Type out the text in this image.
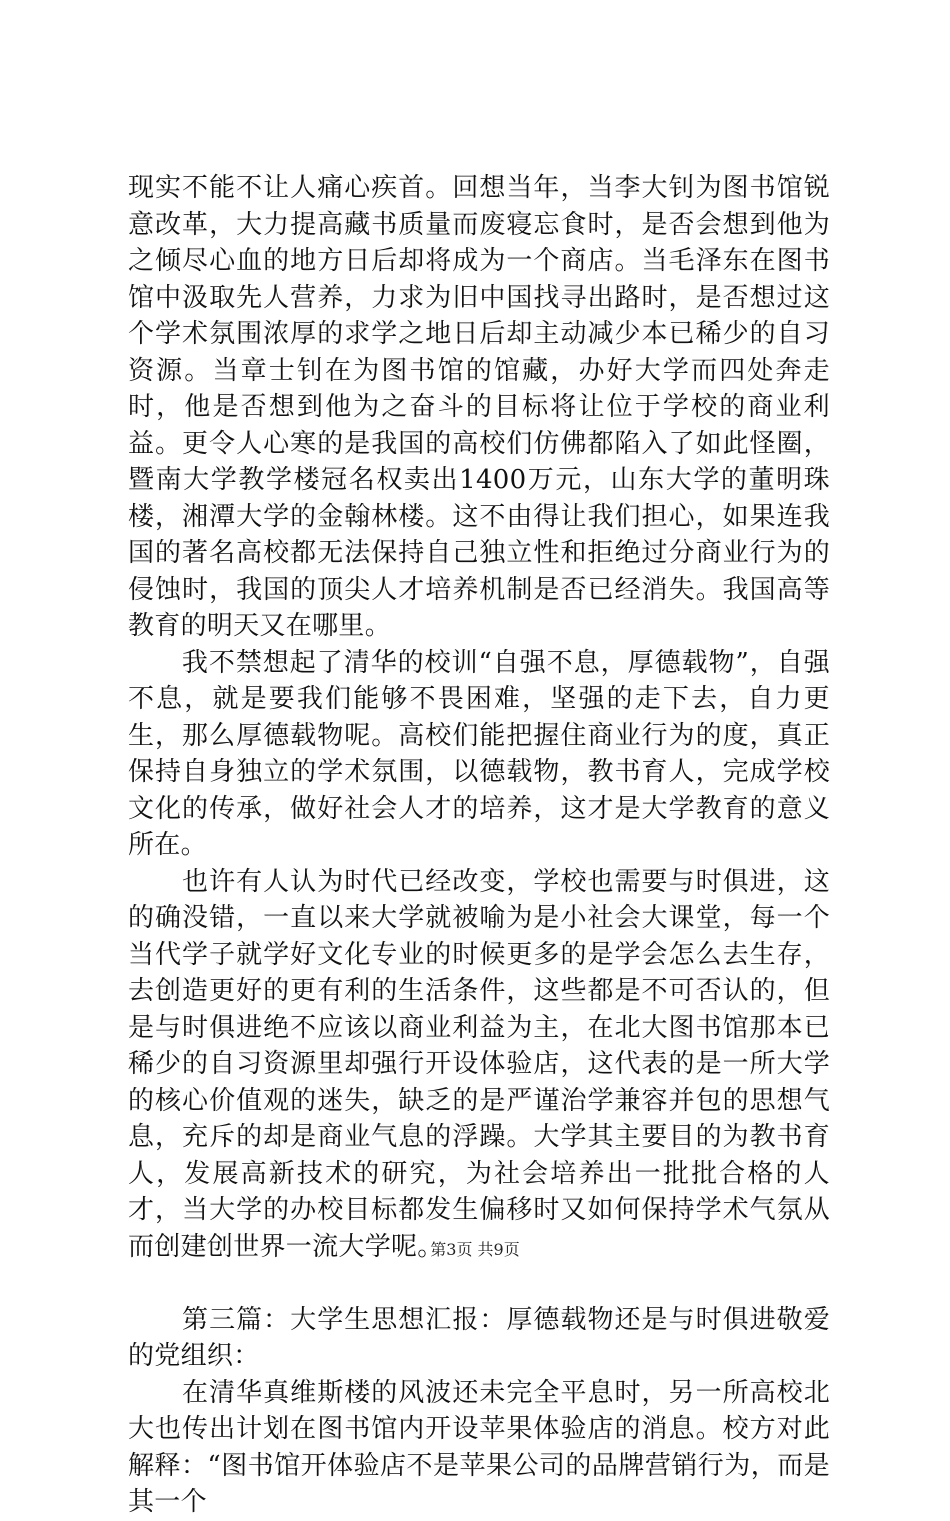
现实不能不让人痛心疾首。回想当年，当李大钊为图书馆锐意改革，大力提高藏书质量而废寝忘食时，是否会想到他为之倾尽心血的地方日后却将成为一个商店。当毛泽东在图书馆中汲取先人营养，力求为旧中国找寻出路时，是否想过这个学术氛围浓厚的求学之地日后却主动减少本已稀少的自习资源。当章士钊在为图书馆的馆藏，办好大学而四处奔走时，他是否想到他为之奋斗的目标将让位于学校的商业利益。更令人心寒的是我国的高校们仿佛都陷入了如此怪圈，暨南大学教学楼冠名权卖出1400万元，山东大学的董明珠楼，湘潭大学的金翰林楼。这不由得让我们担心，如果连我国的著名高校都无法保持自己独立性和拒绝过分商业行为的侵蚀时，我国的顶尖人才培养机制是否已经消失。我国高等教育的明天又在哪里。

　　我不禁想起了清华的校训“自强不息，厚德载物”，自强不息，就是要我们能够不畏困难，坚强的走下去，自力更生，那么厚德载物呢。高校们能把握住商业行为的度，真正保持自身独立的学术氛围，以德载物，教书育人，完成学校文化的传承，做好社会人才的培养，这才是大学教育的意义所在。

　　也许有人认为时代已经改变，学校也需要与时俱进，这的确没错，一直以来大学就被喻为是小社会大课堂，每一个当代学子就学好文化专业的时候更多的是学会怎么去生存，去创造更好的更有利的生活条件，这些都是不可否认的，但是与时俱进绝不应该以商业利益为主，在北大图书馆那本已稀少的自习资源里却强行开设体验店，这代表的是一所大学的核心价值观的迷失，缺乏的是严谨治学兼容并包的思想气息，充斥的却是商业气息的浮躁。大学其主要目的为教书育人，发展高新技术的研究，为社会培养出一批批合格的人才，当大学的办校目标都发生偏移时又如何保持学术气氛从而创建创世界一流大学呢。

　　第三篇：大学生思想汇报：厚德载物还是与时俱进敬爱的党组织：

　　在清华真维斯楼的风波还未完全平息时，另一所高校北大也传出计划在图书馆内开设苹果体验店的消息。校方对此解释：“图书馆开体验店不是苹果公司的品牌营销行为，而是其一个

第3页 共9页
